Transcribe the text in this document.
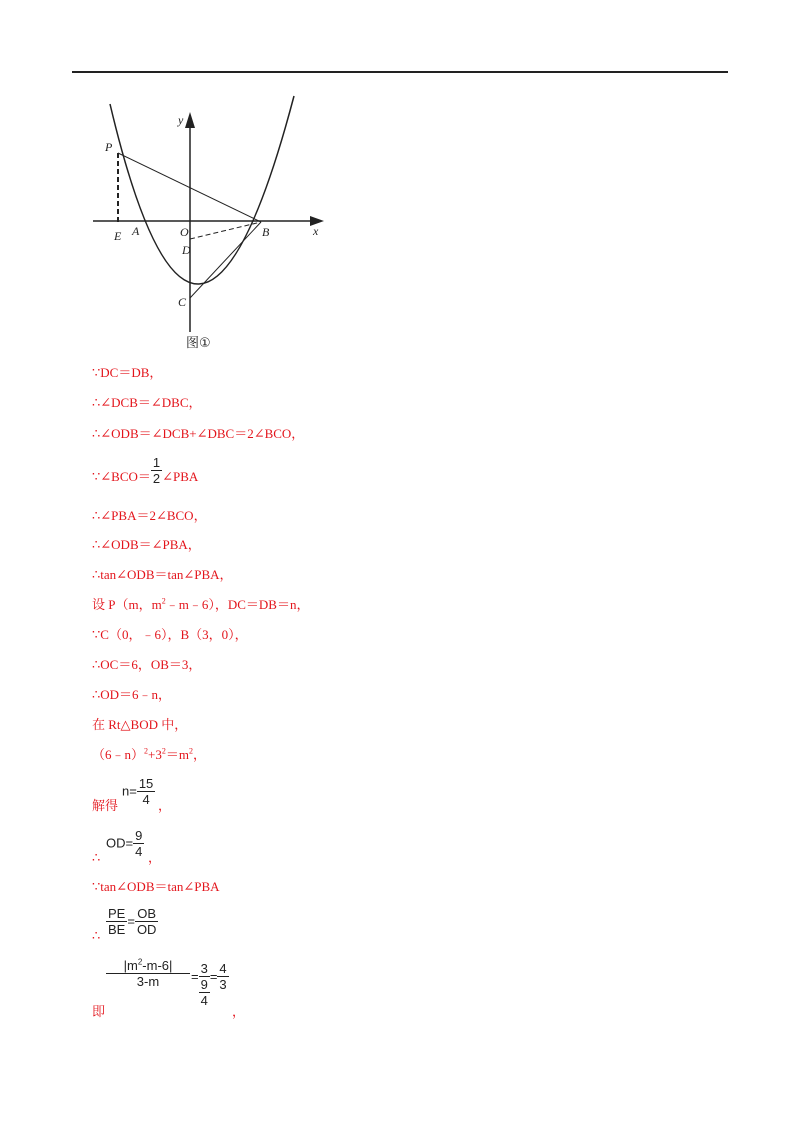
y
x
P
E A	O	B
D
C
图①
∵DC＝DB，
∴∠DCB＝∠DBC，
∴∠ODB＝∠DCB+∠DBC＝2∠BCO，
∵∠BCO＝ $\frac{1}{2}$ ∠PBA
∴∠PBA＝2∠BCO，
∴∠ODB＝∠PBA，
∴tan∠ODB＝tan∠PBA，
设 P（m，$m^2﹣m﹣6$），DC＝DB＝n，
∵C（0，﹣6），B（3，0），
∴OC＝6，OB＝3，
∴OD＝6﹣n，
在 Rt△BOD 中，
$(6﹣n)^2+3^2=m^2$，
解得
$n= \frac{15}{4}$ ，
∴
$OD= \frac{9}{4}$ ，
∵tan∠ODB＝tan∠PBA
∴ $\frac{PE}{BE} = \frac{OB}{OD}$
即
$\frac{|m^2-m-6|}{3-m} = 3$
9
$4 = \frac{4}{3}$
，
